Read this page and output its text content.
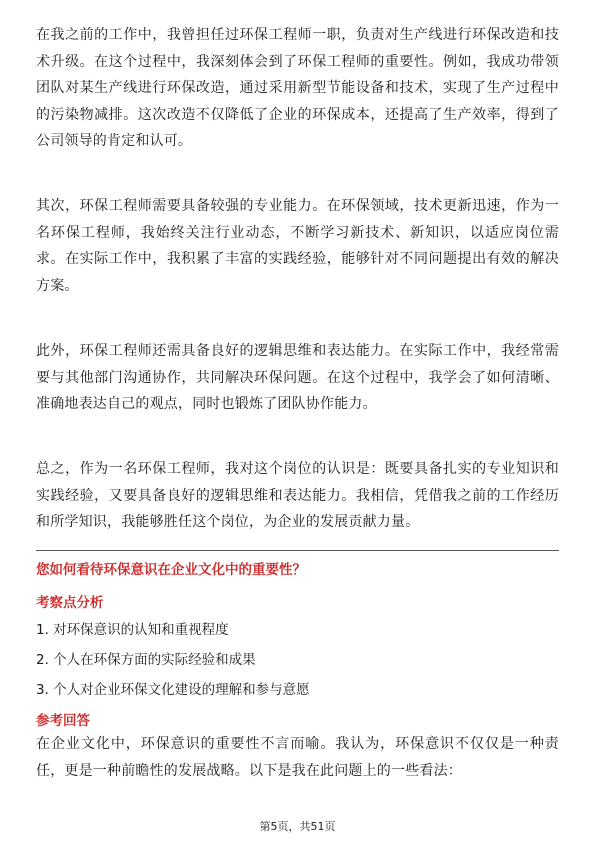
在我之前的工作中，我曾担任过环保工程师一职，负责对生产线进行环保改造和技术升级。在这个过程中，我深刻体会到了环保工程师的重要性。例如，我成功带领团队对某生产线进行环保改造，通过采用新型节能设备和技术，实现了生产过程中的污染物减排。这次改造不仅降低了企业的环保成本，还提高了生产效率，得到了公司领导的肯定和认可。

其次，环保工程师需要具备较强的专业能力。在环保领域，技术更新迅速，作为一名环保工程师，我始终关注行业动态，不断学习新技术、新知识，以适应岗位需求。在实际工作中，我积累了丰富的实践经验，能够针对不同问题提出有效的解决方案。

此外，环保工程师还需具备良好的逻辑思维和表达能力。在实际工作中，我经常需要与其他部门沟通协作，共同解决环保问题。在这个过程中，我学会了如何清晰、准确地表达自己的观点，同时也锻炼了团队协作能力。

总之，作为一名环保工程师，我对这个岗位的认识是：既要具备扎实的专业知识和实践经验，又要具备良好的逻辑思维和表达能力。我相信，凭借我之前的工作经历和所学知识，我能够胜任这个岗位，为企业的发展贡献力量。

您如何看待环保意识在企业文化中的重要性？

考察点分析

1. 对环保意识的认知和重视程度

2. 个人在环保方面的实际经验和成果

3. 个人对企业环保文化建设的理解和参与意愿

参考回答

在企业文化中，环保意识的重要性不言而喻。我认为，环保意识不仅仅是一种责任，更是一种前瞻性的发展战略。以下是我在此问题上的一些看法：

第5页，共51页
